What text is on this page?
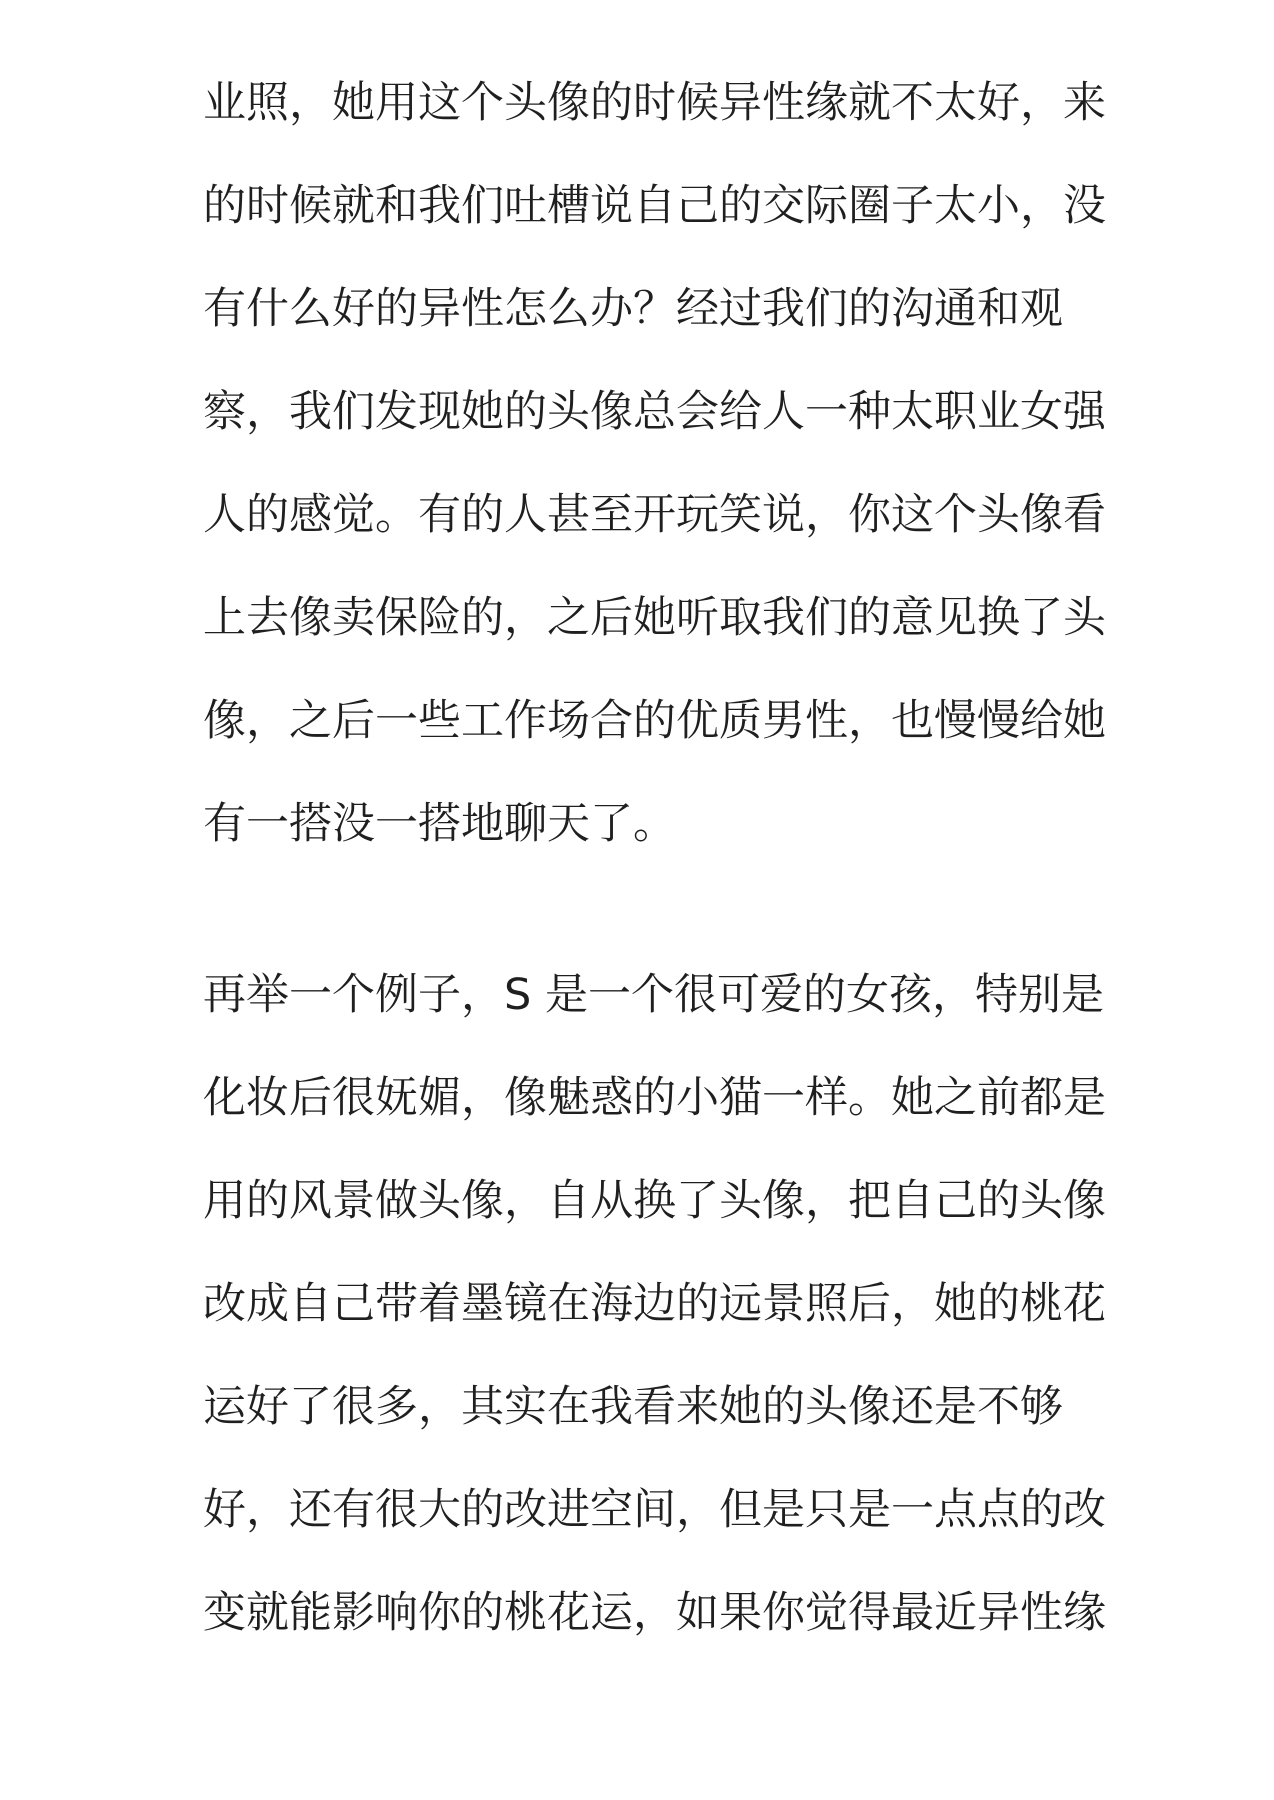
业照，她用这个头像的时候异性缘就不太好，来
的时候就和我们吐槽说自己的交际圈子太小，没
有什么好的异性怎么办？经过我们的沟通和观
察，我们发现她的头像总会给人一种太职业女强
人的感觉。有的人甚至开玩笑说，你这个头像看
上去像卖保险的，之后她听取我们的意见换了头
像，之后一些工作场合的优质男性，也慢慢给她
有一搭没一搭地聊天了。
再举一个例子，S 是一个很可爱的女孩，特别是
化妆后很妩媚，像魅惑的小猫一样。她之前都是
用的风景做头像，自从换了头像，把自己的头像
改成自己带着墨镜在海边的远景照后，她的桃花
运好了很多，其实在我看来她的头像还是不够
好，还有很大的改进空间，但是只是一点点的改
变就能影响你的桃花运，如果你觉得最近异性缘
